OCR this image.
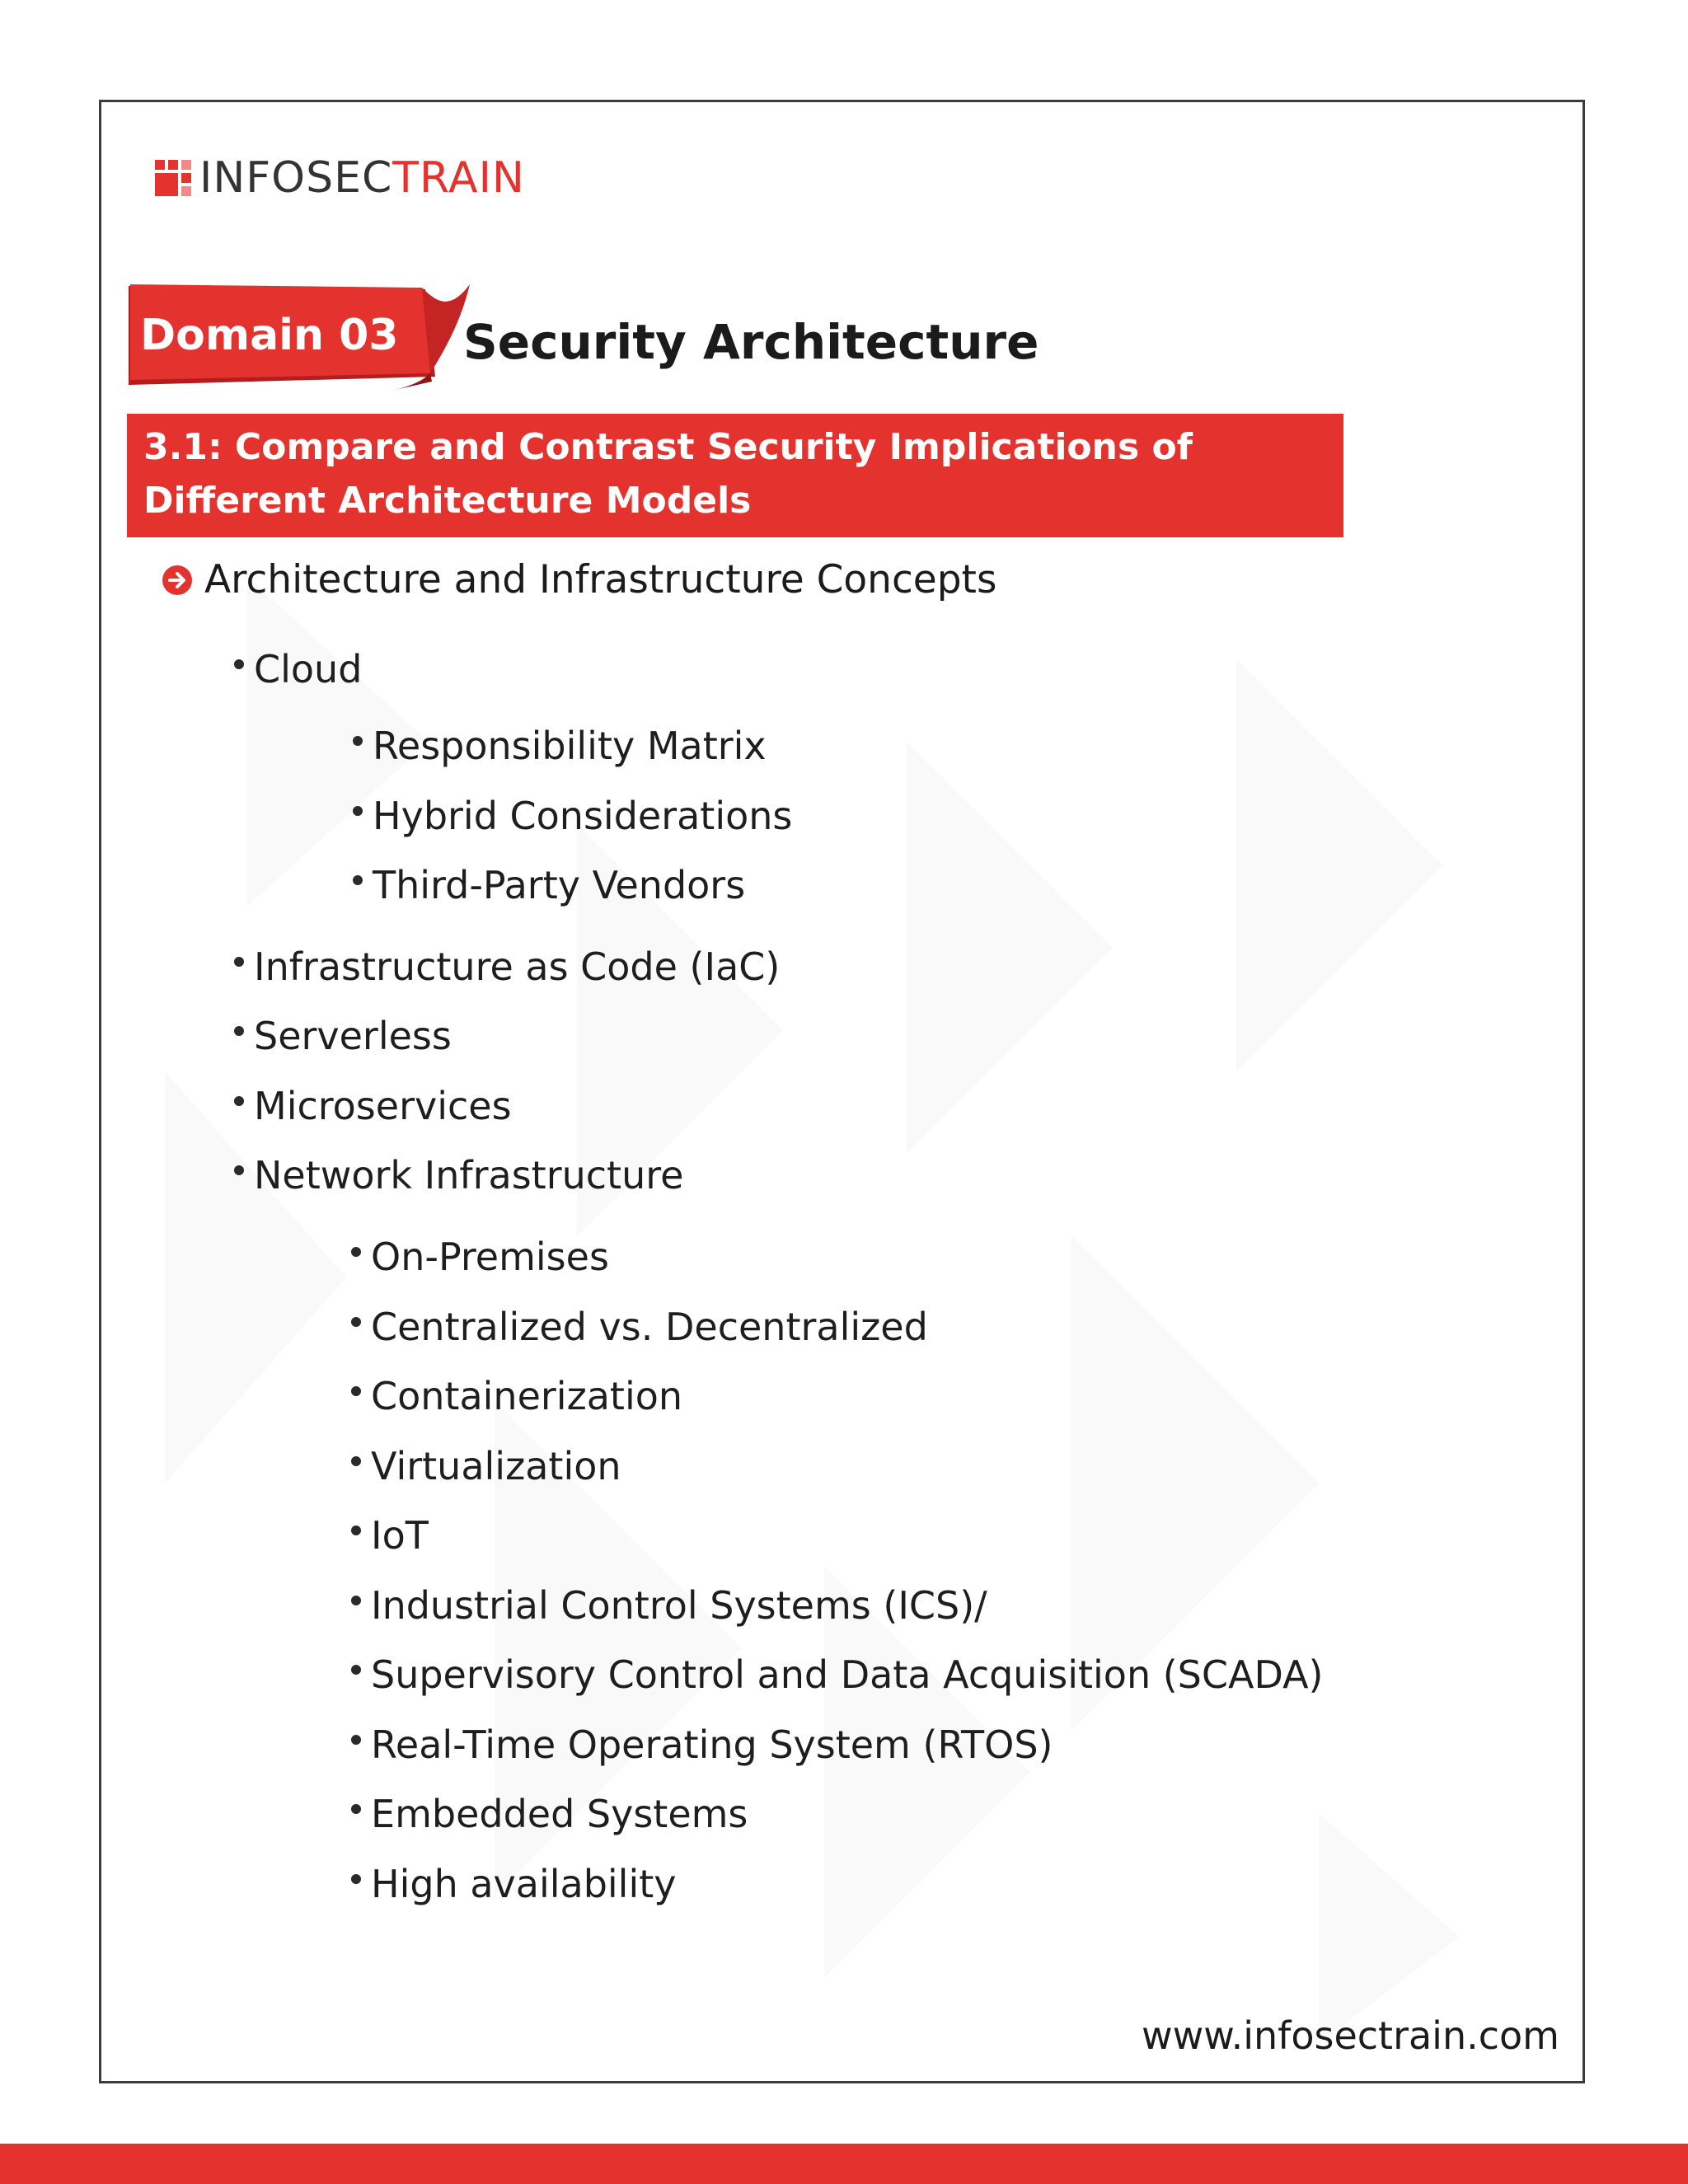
INFOSECTRAIN
Domain 03 Security Architecture
3.1: Compare and Contrast Security Implications of Different Architecture Models
Architecture and Infrastructure Concepts
Cloud
Responsibility Matrix
Hybrid Considerations
Third-Party Vendors
Infrastructure as Code (IaC)
Serverless
Microservices
Network Infrastructure
On-Premises
Centralized vs. Decentralized
Containerization
Virtualization
IoT
Industrial Control Systems (ICS)/
Supervisory Control and Data Acquisition (SCADA)
Real-Time Operating System (RTOS)
Embedded Systems
High availability
www.infosectrain.com
